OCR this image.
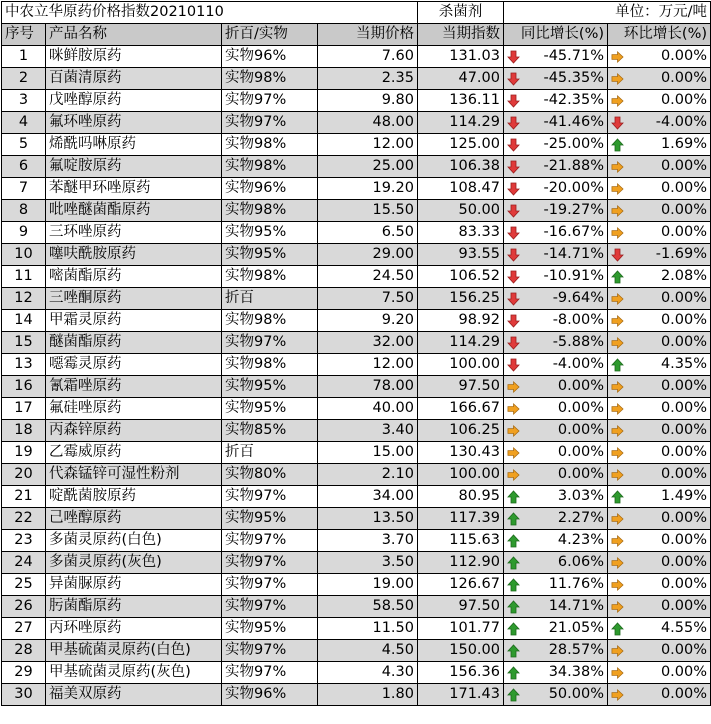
中农立华原药价格指数20210110				杀菌剂	单位：万元/吨	
序号	产品名称	折百/实物	当期价格	当期指数	同比增长(%)	环比增长(%)
1	咪鲜胺原药	实物96%	7.60	131.03	-45.71%	0.00%

2	百菌清原药	实物98%	2.35	47.00	-45.35%	0.00%

3	戊唑醇原药	实物97%	9.80	136.11	-42.35%	0.00%

4	氟环唑原药	实物97%	48.00	114.29	-41.46%	-4.00%

5	烯酰吗啉原药	实物98%	12.00	125.00	-25.00%	1.69%

6	氟啶胺原药	实物98%	25.00	106.38	-21.88%	0.00%

7	苯醚甲环唑原药	实物96%	19.20	108.47	-20.00%	0.00%

8	吡唑醚菌酯原药	实物98%	15.50	50.00	-19.27%	0.00%

9	三环唑原药	实物95%	6.50	83.33	-16.67%	0.00%

10	噻呋酰胺原药	实物95%	29.00	93.55	-14.71%	-1.69%

11	嘧菌酯原药	实物98%	24.50	106.52	-10.91%	2.08%

12	三唑酮原药	折百	7.50	156.25	-9.64%	0.00%

14	甲霜灵原药	实物98%	9.20	98.92	-8.00%	0.00%

15	醚菌酯原药	实物97%	32.00	114.29	-5.88%	0.00%

13	噁霉灵原药	实物98%	12.00	100.00	-4.00%	4.35%

16	氰霜唑原药	实物95%	78.00	97.50	0.00%	0.00%

17	氟硅唑原药	实物95%	40.00	166.67	0.00%	0.00%

18	丙森锌原药	实物85%	3.40	106.25	0.00%	0.00%

19	乙霉威原药	折百	15.00	130.43	0.00%	0.00%

20	代森锰锌可湿性粉剂	实物80%	2.10	100.00	0.00%	0.00%

21	啶酰菌胺原药	实物97%	34.00	80.95	3.03%	1.49%

22	己唑醇原药	实物95%	13.50	117.39	2.27%	0.00%

23	多菌灵原药(白色)	实物97%	3.70	115.63	4.23%	0.00%

24	多菌灵原药(灰色)	实物97%	3.50	112.90	6.06%	0.00%

25	异菌脲原药	实物97%	19.00	126.67	11.76%	0.00%

26	肟菌酯原药	实物97%	58.50	97.50	14.71%	0.00%

27	丙环唑原药	实物95%	11.50	101.77	21.05%	4.55%

28	甲基硫菌灵原药(白色)	实物97%	4.50	150.00	28.57%	0.00%

29	甲基硫菌灵原药(灰色)	实物97%	4.30	156.36	34.38%	0.00%

30	福美双原药	实物96%	1.80	171.43	50.00%	0.00%
